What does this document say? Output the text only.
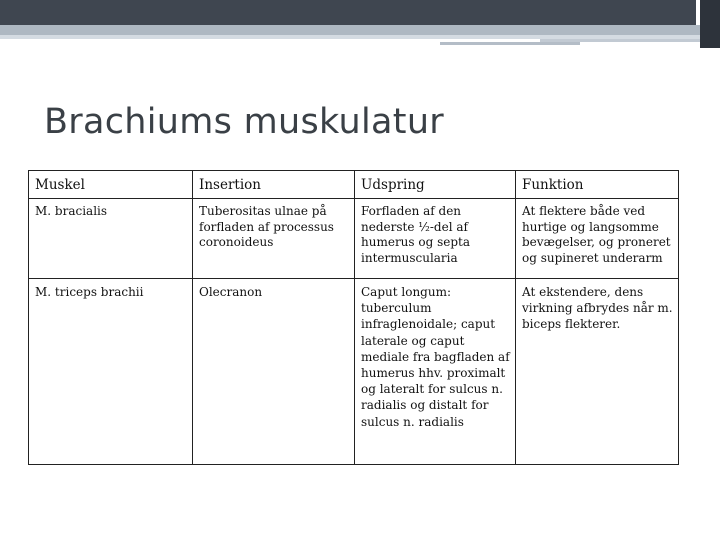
Brachiums muskulatur
Muskel	Insertion	Udspring	Funktion
M. bracialis	Tuberositas ulnae på forfladen af processus coronoideus	Forfladen af den nederste ½-del af humerus og septa intermuscularia	At flektere både ved hurtige og langsomme bevægelser, og proneret og supineret underarm
M. triceps brachii	Olecranon	Caput longum: tuberculum infraglenoidale; caput laterale og caput mediale fra bagfladen af humerus hhv. proximalt og lateralt for sulcus n. radialis og distalt for sulcus n. radialis	At ekstendere, dens virkning afbrydes når m. biceps flekterer.
